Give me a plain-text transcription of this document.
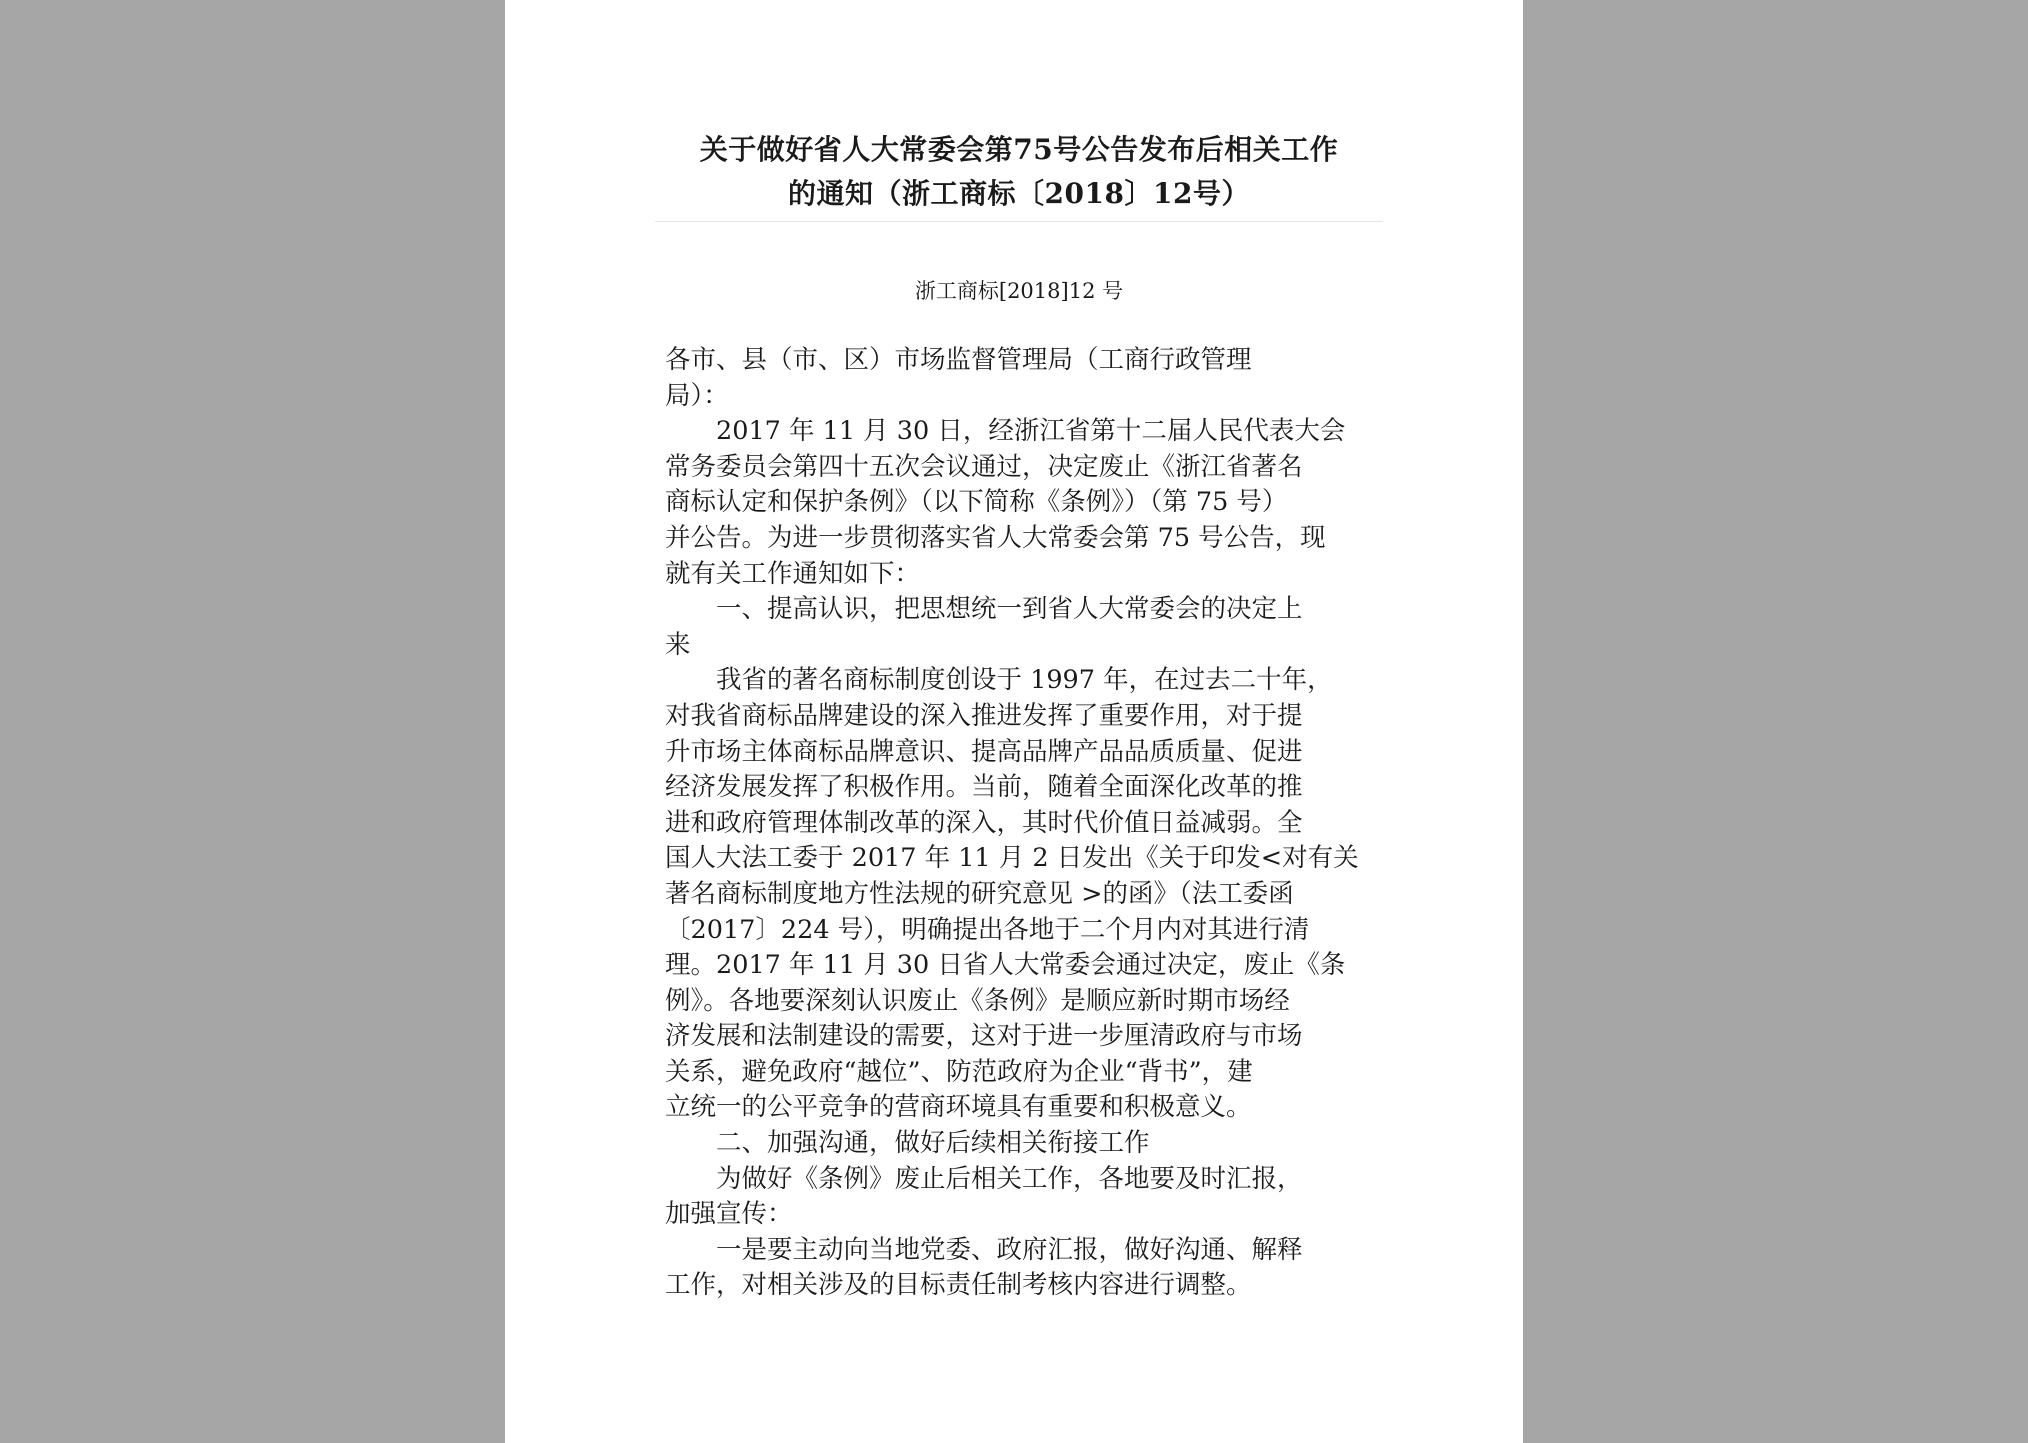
关于做好省人大常委会第75号公告发布后相关工作
的通知（浙工商标〔2018〕12号）
浙工商标[2018]12 号
各市、县（市、区）市场监督管理局（工商行政管理
局）：
2017 年 11 月 30 日，经浙江省第十二届人民代表大会
常务委员会第四十五次会议通过，决定废止《浙江省著名
商标认定和保护条例》（以下简称《条例》）（第 75 号）
并公告。为进一步贯彻落实省人大常委会第 75 号公告，现
就有关工作通知如下：
一、提高认识，把思想统一到省人大常委会的决定上
来
我省的著名商标制度创设于 1997 年，在过去二十年，
对我省商标品牌建设的深入推进发挥了重要作用，对于提
升市场主体商标品牌意识、提高品牌产品品质质量、促进
经济发展发挥了积极作用。当前，随着全面深化改革的推
进和政府管理体制改革的深入，其时代价值日益减弱。全
国人大法工委于 2017 年 11 月 2 日发出《关于印发<对有关
著名商标制度地方性法规的研究意见 >的函》（法工委函
〔2017〕224 号），明确提出各地于二个月内对其进行清
理。2017 年 11 月 30 日省人大常委会通过决定，废止《条
例》。各地要深刻认识废止《条例》是顺应新时期市场经
济发展和法制建设的需要，这对于进一步厘清政府与市场
关系，避免政府“越位”、防范政府为企业“背书”，建
立统一的公平竞争的营商环境具有重要和积极意义。
二、加强沟通，做好后续相关衔接工作
为做好《条例》废止后相关工作，各地要及时汇报，
加强宣传：
一是要主动向当地党委、政府汇报，做好沟通、解释
工作，对相关涉及的目标责任制考核内容进行调整。
